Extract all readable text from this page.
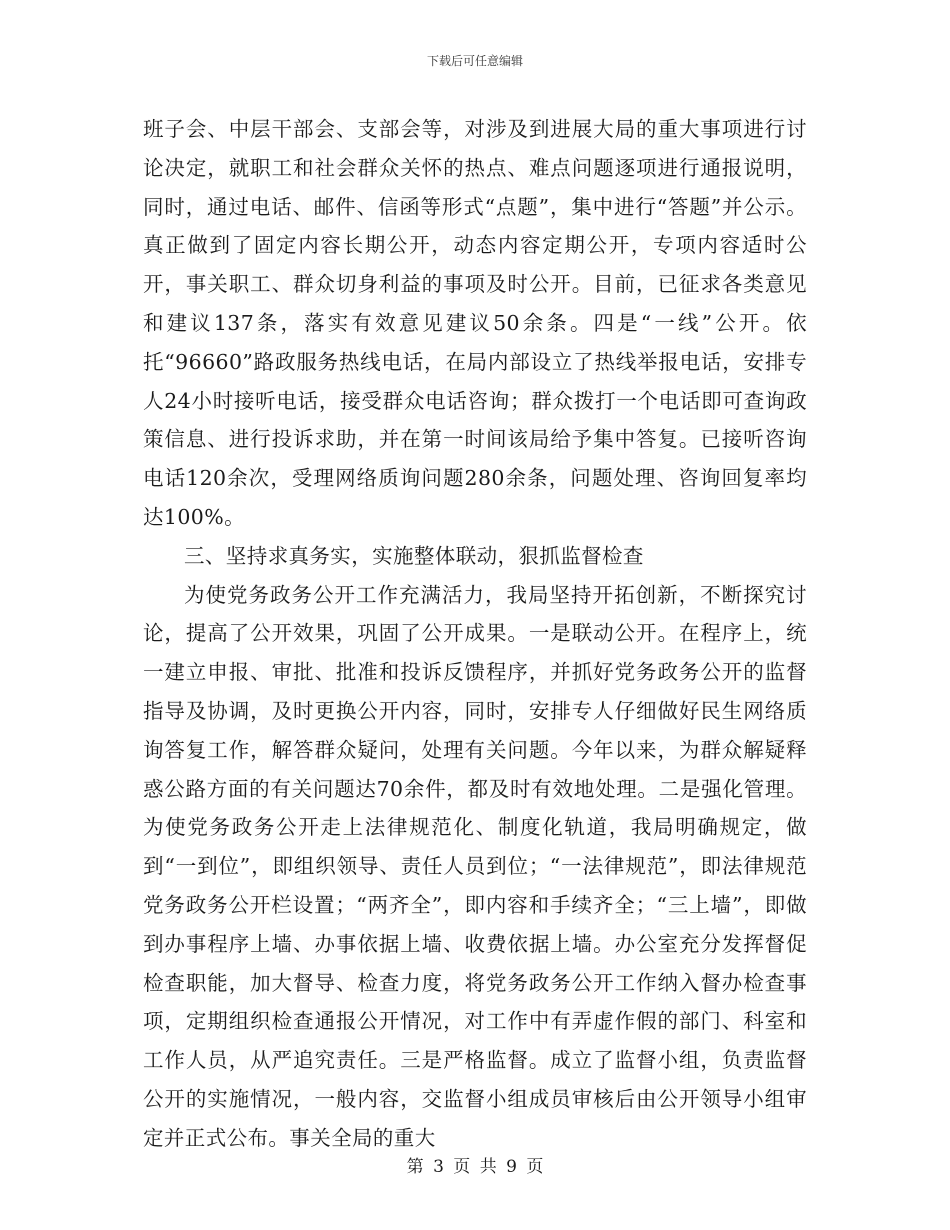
下载后可任意编辑

班子会、中层干部会、支部会等，对涉及到进展大局的重大事项进行讨论决定，就职工和社会群众关怀的热点、难点问题逐项进行通报说明，同时，通过电话、邮件、信函等形式“点题”，集中进行“答题”并公示。真正做到了固定内容长期公开，动态内容定期公开，专项内容适时公开，事关职工、群众切身利益的事项及时公开。目前，已征求各类意见和建议137条，落实有效意见建议50余条。四是“一线”公开。依托“96660”路政服务热线电话，在局内部设立了热线举报电话，安排专人24小时接听电话，接受群众电话咨询；群众拨打一个电话即可查询政策信息、进行投诉求助，并在第一时间该局给予集中答复。已接听咨询电话120余次，受理网络质询问题280余条，问题处理、咨询回复率均达100%。

三、坚持求真务实，实施整体联动，狠抓监督检查

为使党务政务公开工作充满活力，我局坚持开拓创新，不断探究讨论，提高了公开效果，巩固了公开成果。一是联动公开。在程序上，统一建立申报、审批、批准和投诉反馈程序，并抓好党务政务公开的监督指导及协调，及时更换公开内容，同时，安排专人仔细做好民生网络质询答复工作，解答群众疑问，处理有关问题。今年以来，为群众解疑释惑公路方面的有关问题达70余件，都及时有效地处理。二是强化管理。为使党务政务公开走上法律规范化、制度化轨道，我局明确规定，做到“一到位”，即组织领导、责任人员到位；“一法律规范”，即法律规范党务政务公开栏设置；“两齐全”，即内容和手续齐全；“三上墙”，即做到办事程序上墙、办事依据上墙、收费依据上墙。办公室充分发挥督促检查职能，加大督导、检查力度，将党务政务公开工作纳入督办检查事项，定期组织检查通报公开情况，对工作中有弄虚作假的部门、科室和工作人员，从严追究责任。三是严格监督。成立了监督小组，负责监督公开的实施情况，一般内容，交监督小组成员审核后由公开领导小组审定并正式公布。事关全局的重大

第 3 页 共 9 页
